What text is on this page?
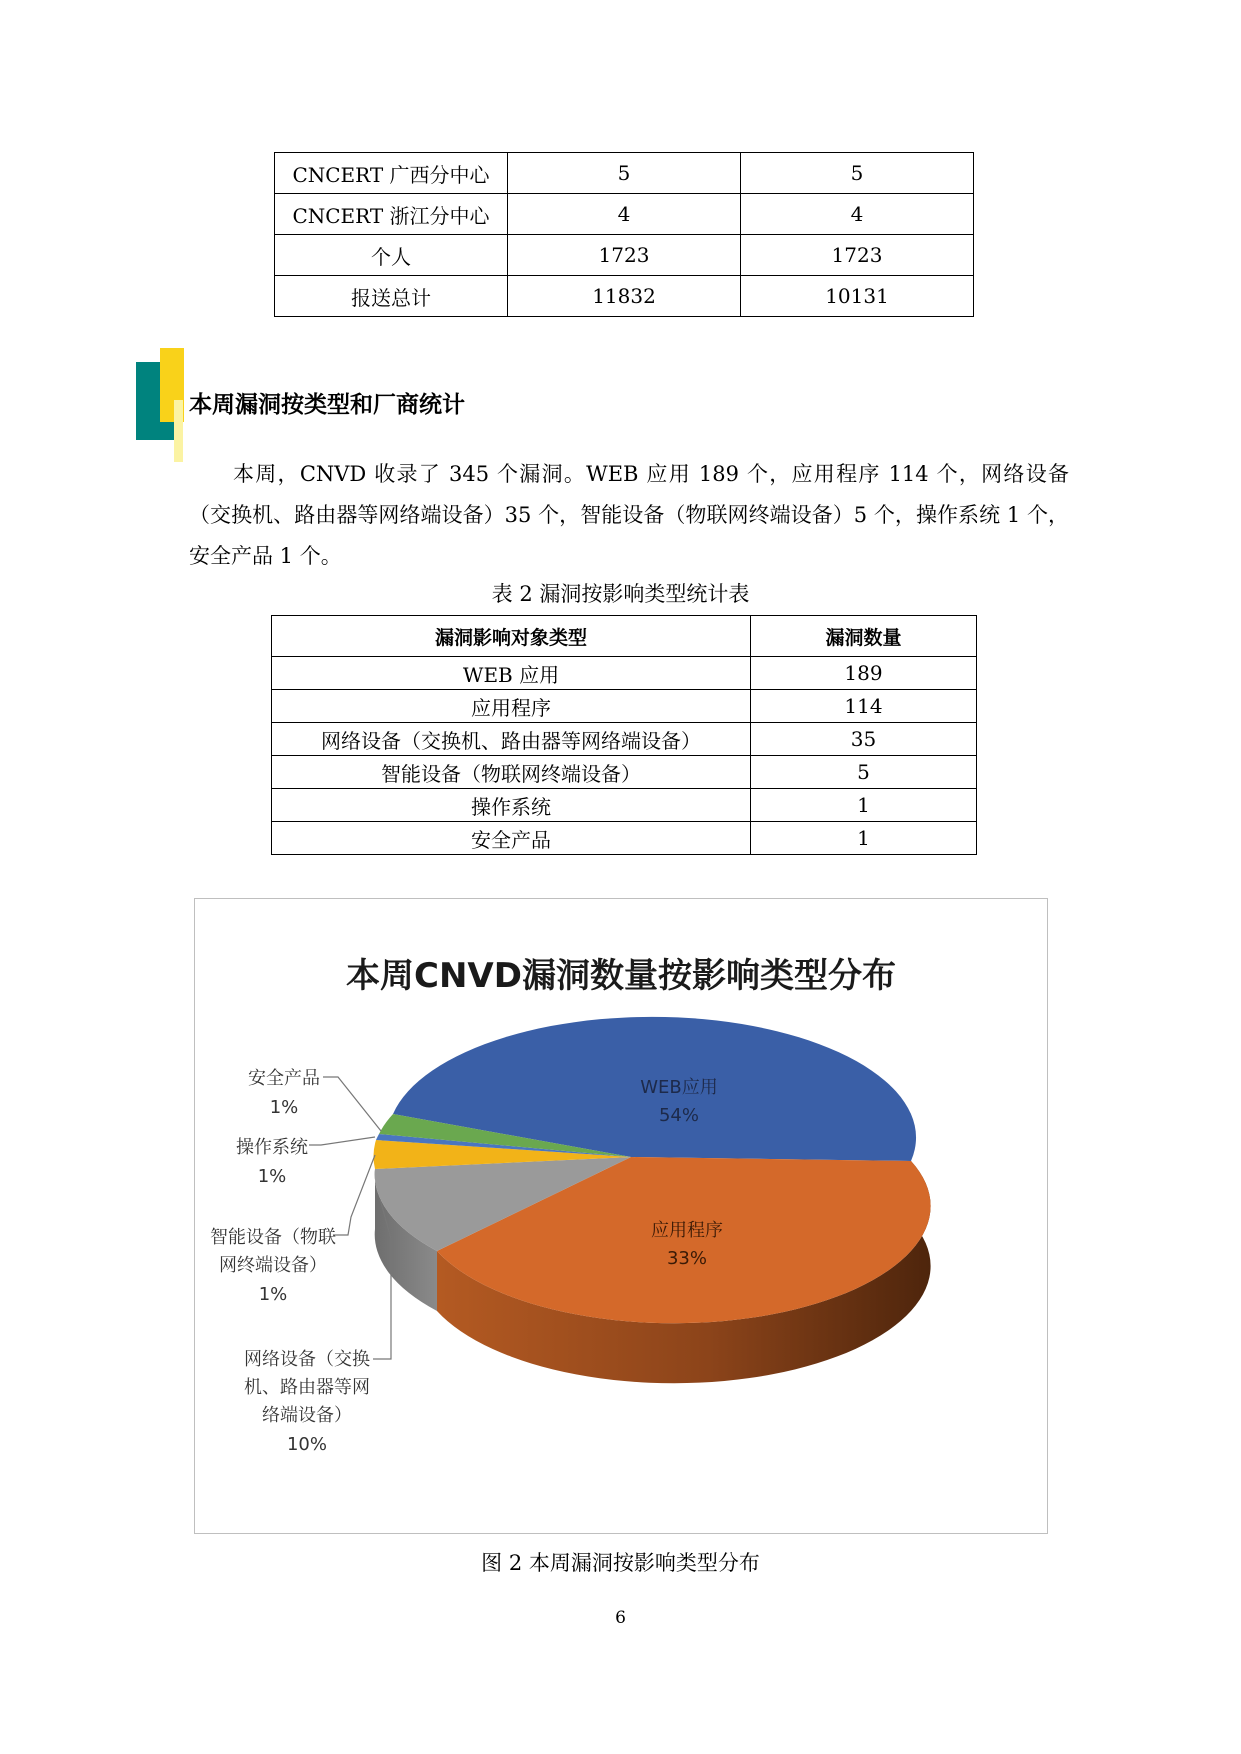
CNCERT 广西分中心	5	5
CNCERT 浙江分中心	4	4
个人	1723	1723
报送总计	11832	10131
本周漏洞按类型和厂商统计

本周，CNVD 收录了 345 个漏洞。WEB 应用 189 个，应用程序 114 个，网络设备（交换机、路由器等网络端设备）35 个，智能设备（物联网终端设备）5 个，操作系统 1 个，安全产品 1 个。

表 2 漏洞按影响类型统计表
漏洞影响对象类型	漏洞数量
WEB 应用	189
应用程序	114
网络设备（交换机、路由器等网络端设备）	35
智能设备（物联网终端设备）	5
操作系统	1
安全产品	1
本周CNVD漏洞数量按影响类型分布
WEB应用
54%
应用程序
33%
安全产品
1%
操作系统
1%
智能设备（物联
网终端设备）
1%
网络设备（交换
机、路由器等网
络端设备）
10%
图 2 本周漏洞按影响类型分布
6
